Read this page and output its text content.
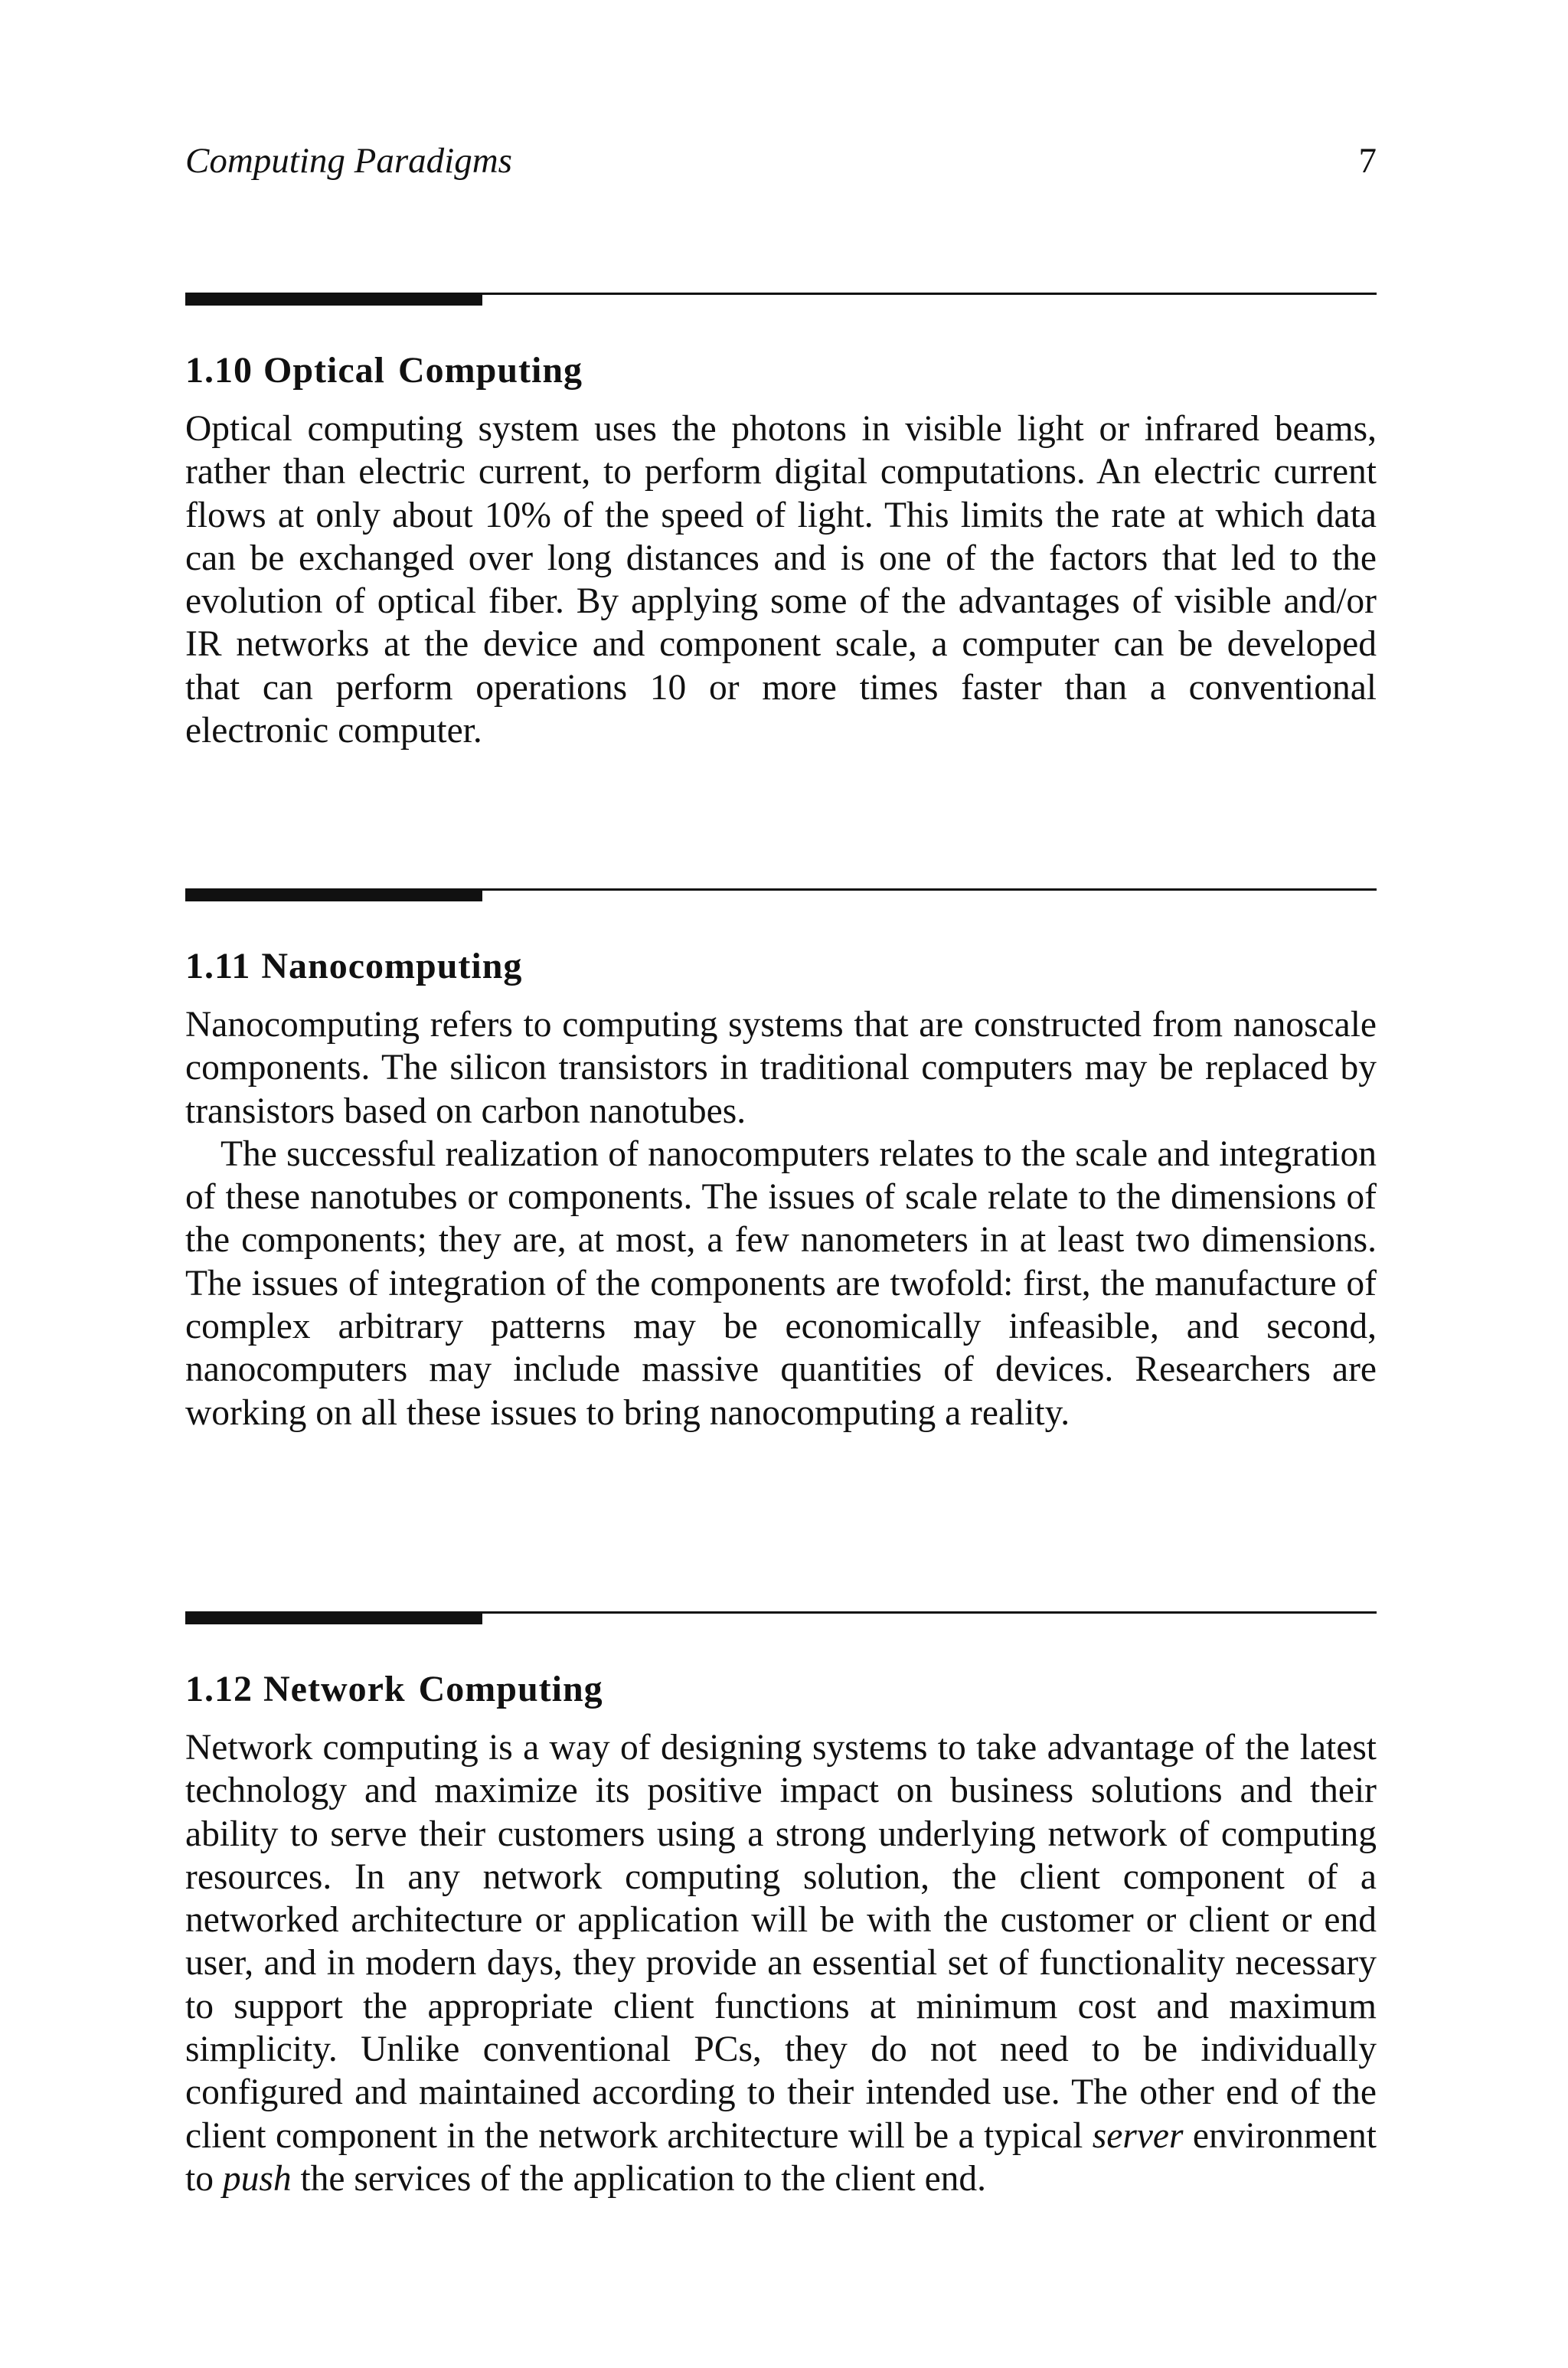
Computing Paradigms	7
1.10 Optical Computing

Optical computing system uses the photons in visible light or infrared beams, rather than electric current, to perform digital computations. An electric current flows at only about 10% of the speed of light. This limits the rate at which data can be exchanged over long distances and is one of the factors that led to the evolution of optical fiber. By applying some of the advantages of visible and/or IR networks at the device and component scale, a computer can be developed that can perform operations 10 or more times faster than a conventional electronic computer.

1.11 Nanocomputing

Nanocomputing refers to computing systems that are constructed from nanoscale components. The silicon transistors in traditional computers may be replaced by transistors based on carbon nanotubes.

The successful realization of nanocomputers relates to the scale and integration of these nanotubes or components. The issues of scale relate to the dimensions of the components; they are, at most, a few nanometers in at least two dimensions. The issues of integration of the components are twofold: first, the manufacture of complex arbitrary patterns may be economically infeasible, and second, nanocomputers may include massive quantities of devices. Researchers are working on all these issues to bring nanocomputing a reality.

1.12 Network Computing

Network computing is a way of designing systems to take advantage of the latest technology and maximize its positive impact on business solutions and their ability to serve their customers using a strong underlying network of computing resources. In any network computing solution, the client component of a networked architecture or application will be with the customer or client or end user, and in modern days, they provide an essential set of functionality necessary to support the appropriate client functions at minimum cost and maximum simplicity. Unlike conventional PCs, they do not need to be individually configured and maintained according to their intended use. The other end of the client component in the network architecture will be a typical server environment to push the services of the application to the client end.
